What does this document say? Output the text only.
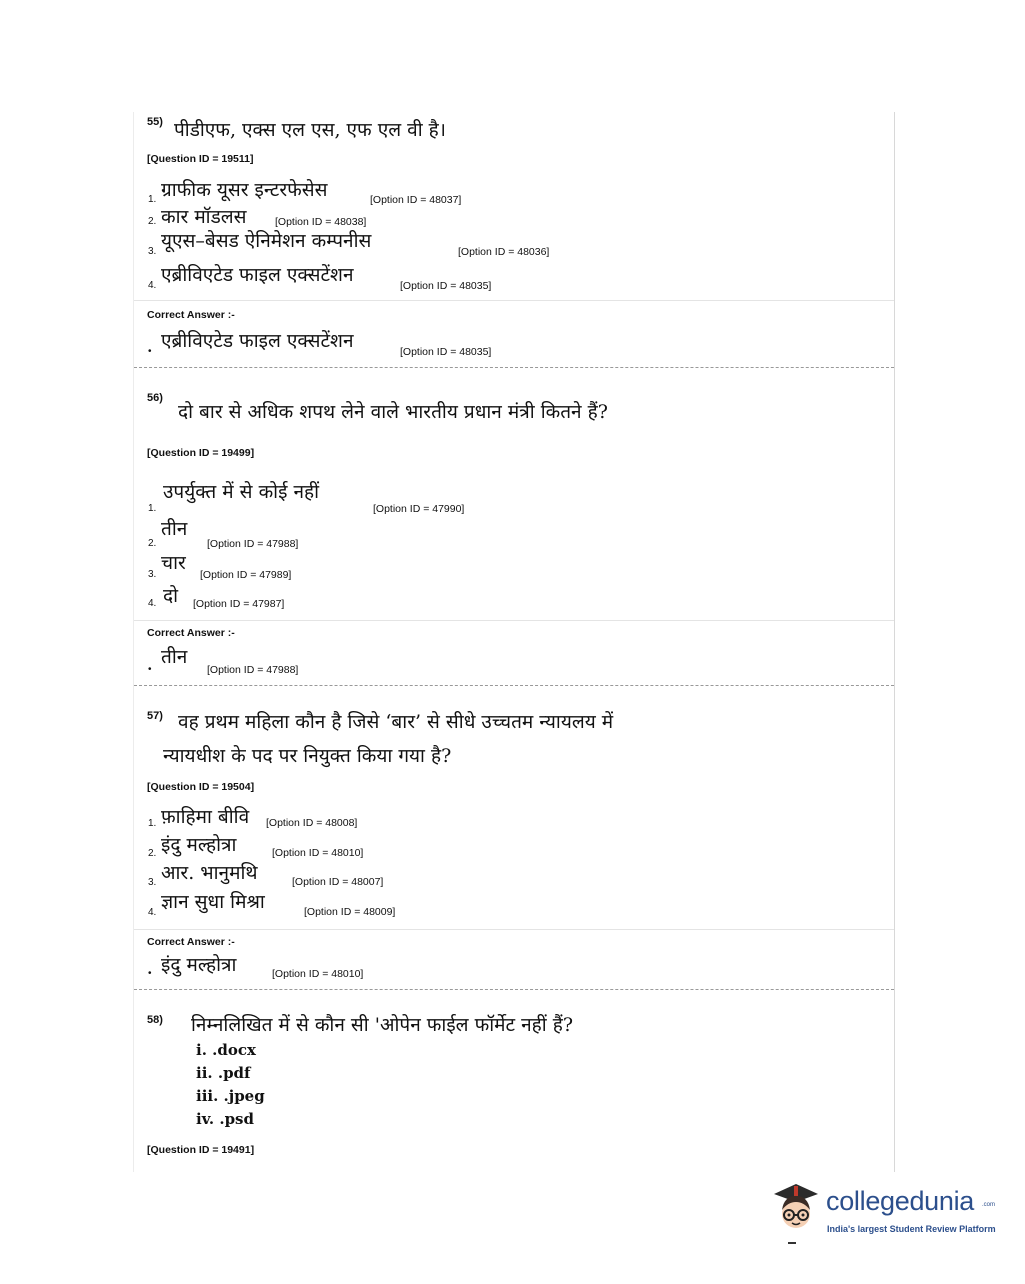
55) पीडीएफ, एक्स एल एस, एफ एल वी है।
[Question ID = 19511]
1. ग्राफीक यूसर इन्टरफेसेस	[Option ID = 48037]
2. कार मॉडलस	[Option ID = 48038]
3. यूएस–बेसड ऐनिमेशन कम्पनीस	[Option ID = 48036]
4. एब्रीविएटेड फाइल एक्सटेंशन	[Option ID = 48035]
Correct Answer :-
• एब्रीविएटेड फाइल एक्सटेंशन	[Option ID = 48035]
56)
दो बार से अधिक शपथ लेने वाले भारतीय प्रधान मंत्री कितने हैं?
[Question ID = 19499]
1.
उपर्युक्त में से कोई नहीं
[Option ID = 47990]
2.
तीन
[Option ID = 47988]
3.
चार
[Option ID = 47989]
4. दो [Option ID = 47987]
Correct Answer :-
•
तीन
[Option ID = 47988]
57) वह प्रथम महिला कौन है जिसे ‘बार’ से सीधे उच्चतम न्यायलय में
न्यायधीश के पद पर नियुक्त किया गया है?
[Question ID = 19504]
1. फ़ाहिमा बीवि [Option ID = 48008]
2. इंदु मल्होत्रा	[Option ID = 48010]
3. आर. भानुमथि	[Option ID = 48007]
4. ज्ञान सुधा मिश्रा	[Option ID = 48009]
Correct Answer :-
• इंदु मल्होत्रा	[Option ID = 48010]
58) निम्नलिखित में से कौन सी 'ओपेन फाईल फॉर्मेट नहीं हैं?
i. .docx
ii. .pdf
iii. .jpeg
iv. .psd
[Question ID = 19491]
collegedunia .com
India's largest Student Review Platform
